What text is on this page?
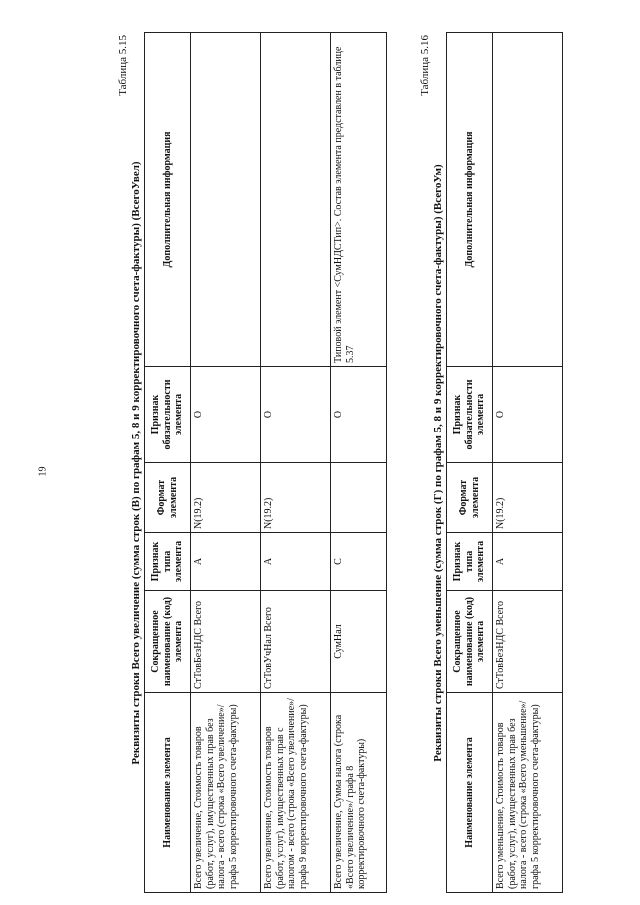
19
Таблица 5.15
Реквизиты строки Всего увеличение (сумма строк (В) по графам 5, 8 и 9 корректировочного счета-фактуры) (ВсегоУвел)
Наименование элемента	Сокращенное наименование (код) элемента	Признак типа элемента	Формат элемента	Признак обязательности элемента	Дополнительная информация
Всего увеличение, Стоимость товаров (работ, услуг), имущественных прав без налога - всего (строка «Всего увеличение»/графа 5 корректировочного счета-фактуры)	СтТовБезНДС Всего	А	N(19.2)	О	
Всего увеличение, Стоимость товаров (работ, услуг), имущественных прав с налогом - всего (строка «Всего увеличение»/графа 9 корректировочного счета-фактуры)	СтТовУчНал Всего	А	N(19.2)	О	
Всего увеличение, Сумма налога (строка «Всего увеличение»/ графа 8 корректировочного счета-фактуры)	СумНал	С		О	Типовой элемент <СумНДСТип>. Состав элемента представлен в таблице 5.37
Таблица 5.16
Реквизиты строки Всего уменьшение (сумма строк (Г) по графам 5, 8 и 9 корректировочного счета-фактуры) (ВсегоУм)
Наименование элемента	Сокращенное наименование (код) элемента	Признак типа элемента	Формат элемента	Признак обязательности элемента	Дополнительная информация
Всего уменьшение, Стоимость товаров (работ, услуг), имущественных прав без налога - всего (строка «Всего уменьшение»/ графа 5 корректировочного счета-фактуры)	СтТовБезНДС Всего	А	N(19.2)	О	
